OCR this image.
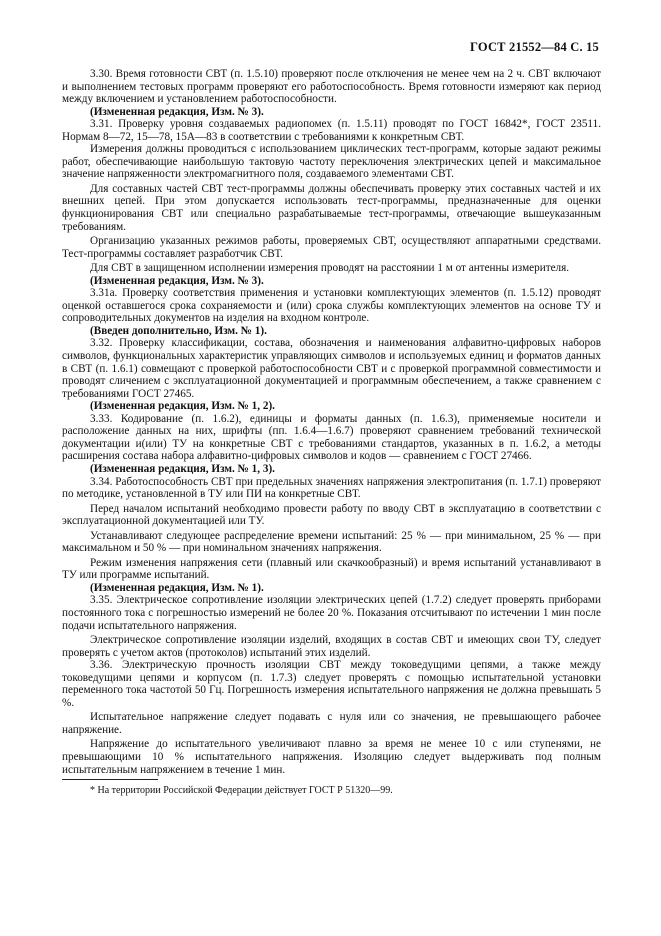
ГОСТ 21552—84 С. 15

3.30. Время готовности СВТ (п. 1.5.10) проверяют после отключения не менее чем на 2 ч. СВТ включают и выполнением тестовых программ проверяют его работоспособность. Время готовности измеряют как период между включением и установлением работоспособности.

(Измененная редакция, Изм. № 3).

3.31. Проверку уровня создаваемых радиопомех (п. 1.5.11) проводят по ГОСТ 16842*, ГОСТ 23511. Нормам 8—72, 15—78, 15А—83 в соответствии с требованиями к конкретным СВТ.

Измерения должны проводиться с использованием циклических тест-программ, которые задают режимы работ, обеспечивающие наибольшую тактовую частоту переключения электрических цепей и максимальное значение напряженности электромагнитного поля, создаваемого элементами СВТ.

Для составных частей СВТ тест-программы должны обеспечивать проверку этих составных частей и их внешних цепей. При этом допускается использовать тест-программы, предназначенные для оценки функционирования СВТ или специально разрабатываемые тест-программы, отвечающие вышеуказанным требованиям.

Организацию указанных режимов работы, проверяемых СВТ, осуществляют аппаратными средствами. Тест-программы составляет разработчик СВТ.

Для СВТ в защищенном исполнении измерения проводят на расстоянии 1 м от антенны измерителя.

(Измененная редакция, Изм. № 3).

3.31а. Проверку соответствия применения и установки комплектующих элементов (п. 1.5.12) проводят оценкой оставшегося срока сохраняемости и (или) срока службы комплектующих элементов на основе ТУ и сопроводительных документов на изделия на входном контроле.

(Введен дополнительно, Изм. № 1).

3.32. Проверку классификации, состава, обозначения и наименования алфавитно-цифровых наборов символов, функциональных характеристик управляющих символов и используемых единиц и форматов данных в СВТ (п. 1.6.1) совмещают с проверкой работоспособности СВТ и с проверкой программной совместимости и проводят сличением с эксплуатационной документацией и программным обеспечением, а также сравнением с требованиями ГОСТ 27465.

(Измененная редакция, Изм. № 1, 2).

3.33. Кодирование (п. 1.6.2), единицы и форматы данных (п. 1.6.3), применяемые носители и расположение данных на них, шрифты (пп. 1.6.4—1.6.7) проверяют сравнением требований технической документации и(или) ТУ на конкретные СВТ с требованиями стандартов, указанных в п. 1.6.2, а методы расширения состава набора алфавитно-цифровых символов и кодов — сравнением с ГОСТ 27466.

(Измененная редакция, Изм. № 1, 3).

3.34. Работоспособность СВТ при предельных значениях напряжения электропитания (п. 1.7.1) проверяют по методике, установленной в ТУ или ПИ на конкретные СВТ.

Перед началом испытаний необходимо провести работу по вводу СВТ в эксплуатацию в соответствии с эксплуатационной документацией или ТУ.

Устанавливают следующее распределение времени испытаний: 25 % — при минимальном, 25 % — при максимальном и 50 % — при номинальном значениях напряжения.

Режим изменения напряжения сети (плавный или скачкообразный) и время испытаний устанавливают в ТУ или программе испытаний.

(Измененная редакция, Изм. № 1).

3.35. Электрическое сопротивление изоляции электрических цепей (1.7.2) следует проверять приборами постоянного тока с погрешностью измерений не более 20 %. Показания отсчитывают по истечении 1 мин после подачи испытательного напряжения.

Электрическое сопротивление изоляции изделий, входящих в состав СВТ и имеющих свои ТУ, следует проверять с учетом актов (протоколов) испытаний этих изделий.

3.36. Электрическую прочность изоляции СВТ между токоведущими цепями, а также между токоведущими цепями и корпусом (п. 1.7.3) следует проверять с помощью испытательной установки переменного тока частотой 50 Гц. Погрешность измерения испытательного напряжения не должна превышать 5 %.

Испытательное напряжение следует подавать с нуля или со значения, не превышающего рабочее напряжение.

Напряжение до испытательного увеличивают плавно за время не менее 10 с или ступенями, не превышающими 10 % испытательного напряжения. Изоляцию следует выдерживать под полным испытательным напряжением в течение 1 мин.

* На территории Российской Федерации действует ГОСТ Р 51320—99.
